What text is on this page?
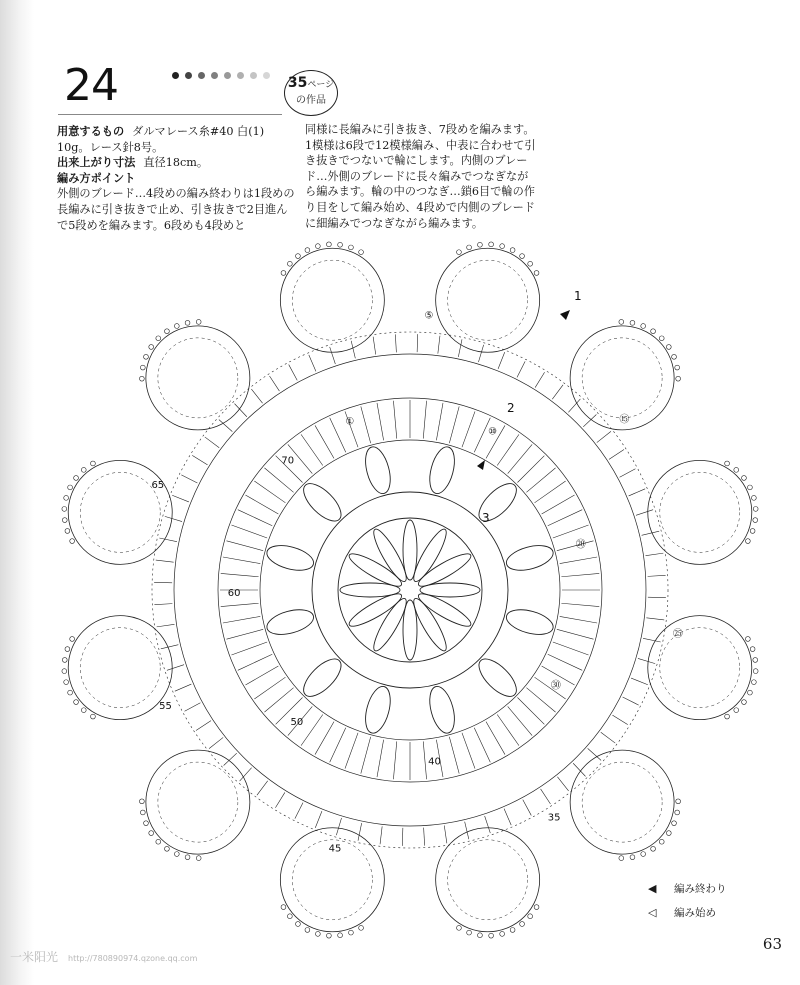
24	35ページ
の作品

用意するもの ダルマレース糸#40 白(1) 10g。レース針8号。

出来上がり寸法 直径18cm。

編み方ポイント

外側のブレード…4段めの編み終わりは1段めの長編みに引き抜きで止め、引き抜きで2目進んで5段めを編みます。6段めも4段めと

同様に長編みに引き抜き、7段めを編みます。1模様は6段で12模様編み、中表に合わせて引き抜きでつないで輪にします。内側のブレード…外側のブレードに長々編みでつなぎながら編みます。輪の中のつなぎ…鎖6目で輪の作り目をして編み始め、4段めで内側のブレードに細編みでつなぎながら編みます。

1
2
3
①
⑤
⑩
⑮
⑳
㉕
㉚
35
40
45
50
55
60
65
70
◀	編み終わり
◁	編み始め
63
一米阳光 http://780890974.qzone.qq.com
